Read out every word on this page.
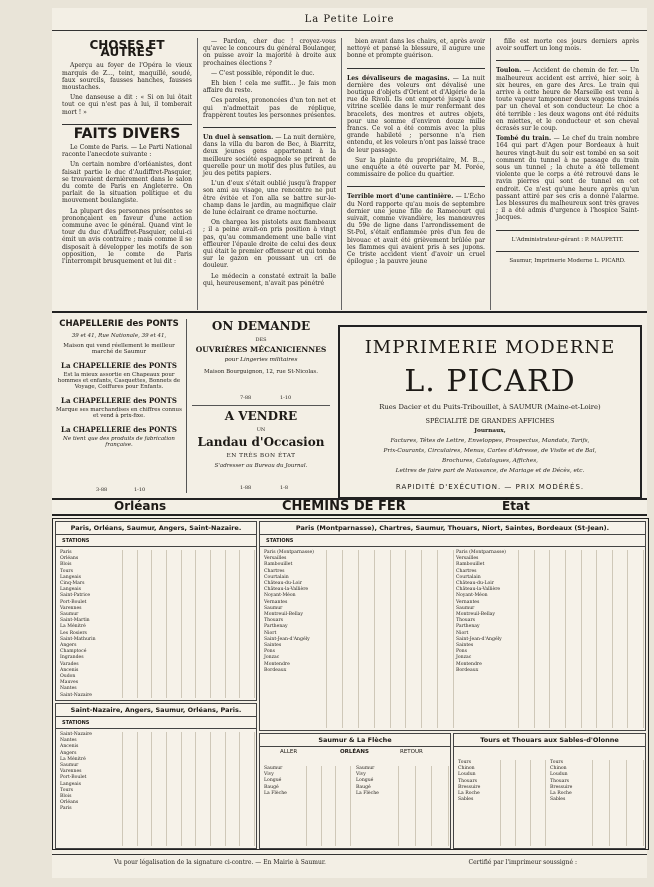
La Petite Loire
CHOSES ET AUTRES

Aperçu au foyer de l'Opéra le vieux marquis de Z..., teint, maquillé, soudé, faux sourcils, fausses hanches, fausses moustaches.

Une danseuse a dit : « Si on lui ôtait tout ce qui n'est pas à lui, il tomberait mort ! »

FAITS DIVERS

Le Comte de Paris. — Le Parti National raconte l'anecdote suivante :

Un certain nombre d'orléanistes, dont faisait partie le duc d'Audiffret-Pasquier, se trouvaient dernièrement dans le salon du comte de Paris en Angleterre. On parlait de la situation politique et du mouvement boulangiste.

La plupart des personnes présentes se prononçaient en faveur d'une action commune avec le général. Quand vint le tour du duc d'Audiffret-Pasquier, celui-ci émit un avis contraire ; mais comme il se disposait à développer les motifs de son opposition, le comte de Paris l'interrompit brusquement et lui dit :

— Pardon, cher duc ! croyez-vous qu'avec le concours du général Boulanger, on puisse avoir la majorité à droite aux prochaines élections ?

— C'est possible, répondit le duc.

Eh bien ! cela me suffit... Je fais mon affaire du reste.

Ces paroles, prononcées d'un ton net et qui n'admettait pas de réplique, frappèrent toutes les personnes présentes.

Un duel à sensation. — La nuit dernière, dans la villa du baron de Bec, à Biarritz, deux jeunes gens appartenant à la meilleure société espagnole se prirent de querelle pour un motif des plus futiles, au jeu des petits papiers.

L'un d'eux s'était oublié jusqu'à frapper son ami au visage, une rencontre ne put être évitée et l'on alla se battre sur-le-champ dans le jardin, au magnifique clair de lune éclairant ce drame nocturne.

On chargea les pistolets aux flambeaux ; il a peine avait-on pris position à vingt pas, qu'au commandement une balle vint effleurer l'épaule droite de celui des deux qui était le premier offenseur et qui tomba sur le gazon en poussant un cri de douleur.

Le médecin a constaté extrait la balle qui, heureusement, n'avait pas pénétré

bien avant dans les chairs, et, après avoir nettoyé et pansé la blessure, il augure une bonne et prompte guérison.

Les dévaliseurs de magasins. — La nuit dernière des voleurs ont dévalisé une boutique d'objets d'Orient et d'Algérie de la rue de Rivoli. Ils ont emporté jusqu'à une vitrine scellée dans le mur renfermant des bracelets, des montres et autres objets, pour une somme d'environ douze mille francs. Ce vol a été commis avec la plus grande habileté ; personne n'a rien entendu, et les voleurs n'ont pas laissé trace de leur passage.

Sur la plainte du propriétaire, M. B..., une enquête a été ouverte par M. Porée, commissaire de police du quartier.

Terrible mort d'une cantinière. — L'Écho du Nord rapporte qu'au mois de septembre dernier une jeune fille de Ramecourt qui suivait, comme vivandière, les manœuvres du 59e de ligne dans l'arrondissement de St-Pol, s'était enflammée près d'un feu de bivouac et avait été grièvement brûlée par les flammes qui avaient pris à ses jupons. Ce triste accident vient d'avoir un cruel épilogue ; la pauvre jeune

fille est morte ces jours derniers après avoir souffert un long mois.

Toulon. — Accident de chemin de fer. — Un malheureux accident est arrivé, hier soir, à six heures, en gare des Arcs. Le train qui arrive à cette heure de Marseille est venu à toute vapeur tamponner deux wagons trainés par un cheval et son conducteur. Le choc a été terrible : les deux wagons ont été réduits en miettes, et le conducteur et son cheval écrasés sur le coup.

Tombé du train. — Le chef du train nombre 164 qui part d'Agen pour Bordeaux à huit heures vingt-huit du soir est tombé en sa soit comment du tunnel à ne passage du train sous un tunnel ; la chute a été tellement violente que le corps a été retrouvé dans le ravin pierres qui sont de tunnel en cet endroit. Ce n'est qu'une heure après qu'un passant attiré par ses cris a donné l'alarme. Les blessures du malheureux sont très graves ; il a été admis d'urgence à l'hospice Saint-Jacques.

L'Administrateur-gérant : P. MAUPETIT.
Saumur, Imprimerie Moderne L. PICARD.
CHAPELLERIE des PONTS
39 et 41, Rue Nationale, 39 et 41,
Maison qui vend réellement le meilleur marché de Saumur
La CHAPELLERIE des PONTS
Est la mieux assortie en Chapeaux pour hommes et enfants, Casquettes, Bonnets de Voyage, Coiffures pour Enfants.
La CHAPELLERIE des PONTS
Marque ses marchandises en chiffres connus et vend à prix-fixe.
La CHAPELLERIE des PONTS
Ne tient que des produits de fabrication française.
3-88	1-10
ON DEMANDE
DES
OUVRIÈRES MÉCANICIENNES
pour Lingeries militaires
Maison Bourguignon, 12, rue St-Nicolas.
7-88	1-10
A VENDRE
UN
Landau d'Occasion
EN TRÈS BON ÉTAT
S'adresser au Bureau du Journal.
1-88	1-8
IMPRIMERIE MODERNE
L. PICARD
Rues Dacier et du Puits-Tribouillet, à SAUMUR (Maine-et-Loire)
SPÉCIALITÉ DE GRANDES AFFICHES
Journaux,
Factures, Têtes de Lettre, Enveloppes, Prospectus, Mandats, Tarifs,
Prix-Courants, Circulaires, Menus, Cartes d'Adresse, de Visite et de Bal,
Brochures, Catalogues, Affiches,
Lettres de faire part de Naissance, de Mariage et de Décès, etc.
RAPIDITÉ D'EXÉCUTION. — PRIX MODÉRÉS.
Orléans	CHEMINS DE FER	État
Paris, Orléans, Saumur, Angers, Saint-Nazaire.
STATIONS
Paris
Orléans
Blois
Tours
Langeais
Cinq-Mars
Langeais
Saint-Patrice
Port-Boulet
Varennes
Saumur
Saint-Martin
La Ménitré
Les Rosiers
Saint-Mathurin
Angers
Champtocé
Ingrandes
Varades
Ancenis
Oudon
Mauves
Nantes
Saint-Nazaire
Paris (Montparnasse), Chartres, Saumur, Thouars, Niort, Saintes, Bordeaux (St-Jean).
STATIONS
Paris (Montparnasse)
Versailles
Rambouillet
Chartres
Courtalain
Château-du-Loir
Château-la-Vallière
Noyant-Méon
Vernantes
Saumur
Montreuil-Bellay
Thouars
Parthenay
Niort
Saint-Jean-d'Angély
Saintes
Pons
Jonzac
Montendre
Bordeaux
Paris (Montparnasse)
Versailles
Rambouillet
Chartres
Courtalain
Château-du-Loir
Château-la-Vallière
Noyant-Méon
Vernantes
Saumur
Montreuil-Bellay
Thouars
Parthenay
Niort
Saint-Jean-d'Angély
Saintes
Pons
Jonzac
Montendre
Bordeaux
Saint-Nazaire, Angers, Saumur, Orléans, Paris.
STATIONS
Saint-Nazaire
Nantes
Ancenis
Angers
La Ménitré
Saumur
Varennes
Port-Boulet
Langeais
Tours
Blois
Orléans
Paris
Saumur & La Flèche
ALLER	ORLÉANS	RETOUR
Saumur
Vivy
Longué
Baugé
La Flèche
Saumur
Vivy
Longué
Baugé
La Flèche
Tours et Thouars aux Sables-d'Olonne
Tours
Chinon
Loudun
Thouars
Bressuire
La Roche
Sables
Tours
Chinon
Loudun
Thouars
Bressuire
La Roche
Sables
Vu pour légalisation de la signature ci-contre. — En Mairie à Saumur.	Certifié par l'imprimeur soussigné :
